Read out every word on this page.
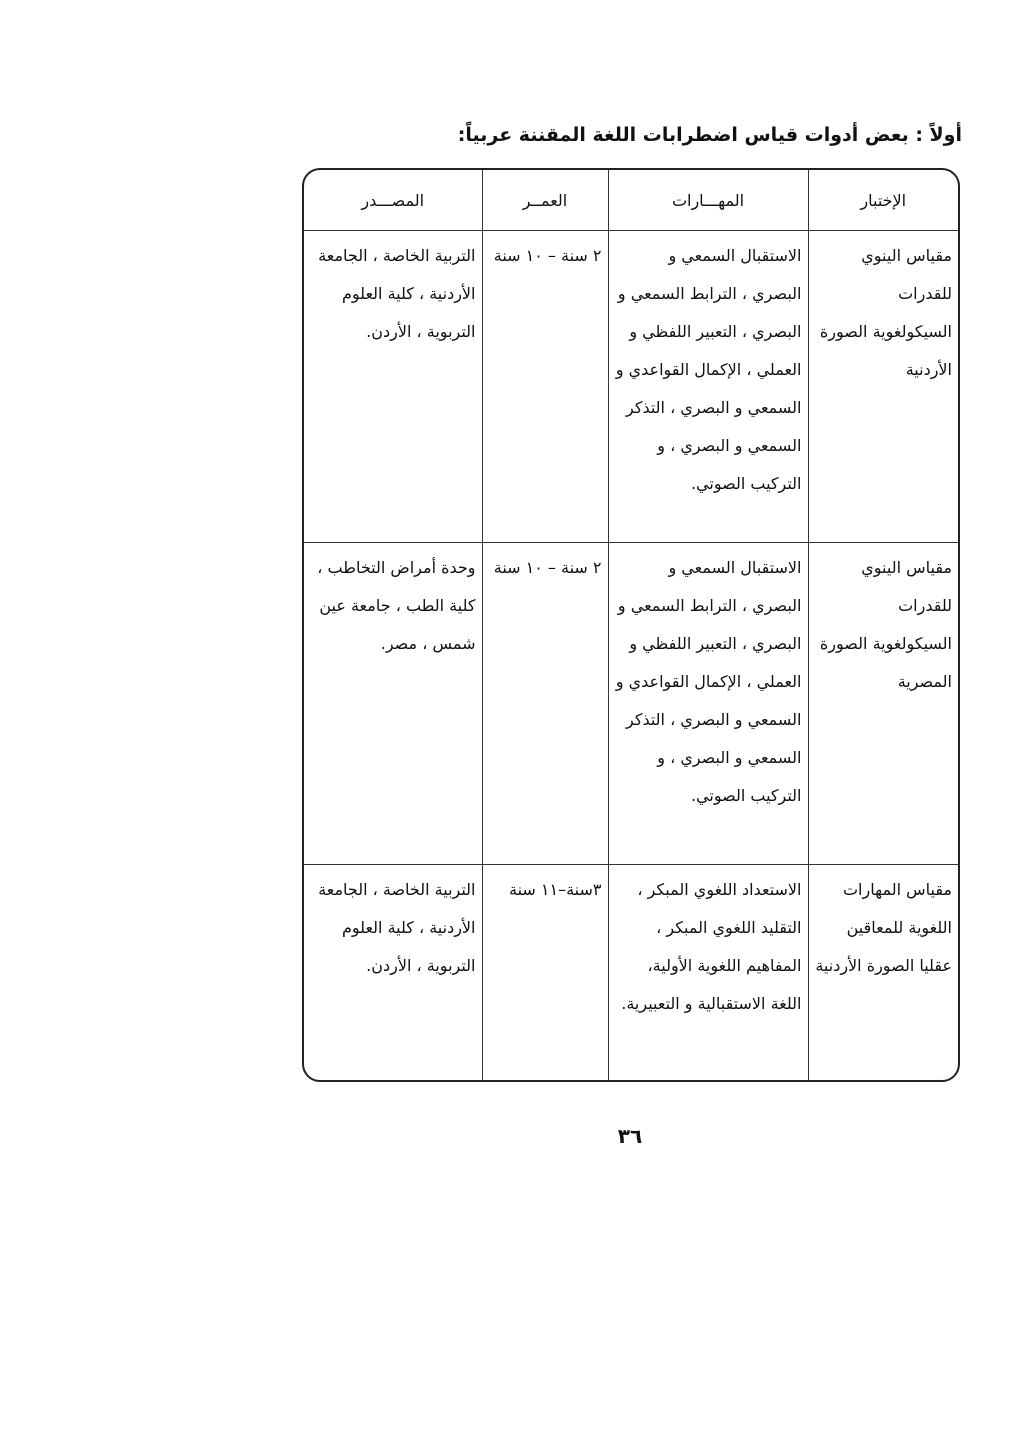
أولاً : بعض أدوات قياس اضطرابات اللغة المقننة عربياً:
الإختبار	المهـــارات	العمــر	المصـــدر
مقياس الينوي للقدرات السيكولغوية الصورة الأردنية	الاستقبال السمعي و البصري ، الترابط السمعي و البصري ، التعبير اللفظي و العملي ، الإكمال القواعدي و السمعي و البصري ، التذكر السمعي و البصري ، و التركيب الصوتي.	٢ سنة – ١٠ سنة	التربية الخاصة ، الجامعة الأردنية ، كلية العلوم التربوية ، الأردن.
مقياس الينوي للقدرات السيكولغوية الصورة المصرية	الاستقبال السمعي و البصري ، الترابط السمعي و البصري ، التعبير اللفظي و العملي ، الإكمال القواعدي و السمعي و البصري ، التذكر السمعي و البصري ، و التركيب الصوتي.	٢ سنة – ١٠ سنة	وحدة أمراض التخاطب ، كلية الطب ، جامعة عين شمس ، مصر.
مقياس المهارات اللغوية للمعاقين عقليا الصورة الأردنية	الاستعداد اللغوي المبكر ، التقليد اللغوي المبكر ، المفاهيم اللغوية الأولية، اللغة الاستقبالية و التعبيرية.	٣سنة–١١ سنة	التربية الخاصة ، الجامعة الأردنية ، كلية العلوم التربوية ، الأردن.
٣٦
